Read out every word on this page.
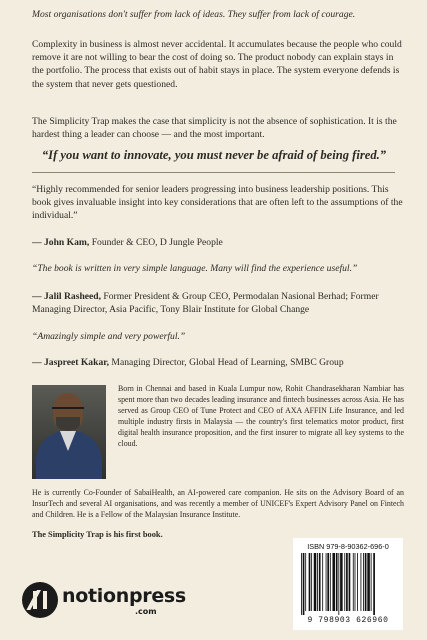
Most organisations don't suffer from lack of ideas. They suffer from lack of courage.
Complexity in business is almost never accidental. It accumulates because the people who could remove it are not willing to bear the cost of doing so. The product nobody can explain stays in the portfolio. The process that exists out of habit stays in place. The system everyone defends is the system that never gets questioned.
The Simplicity Trap makes the case that simplicity is not the absence of sophistication. It is the hardest thing a leader can choose — and the most important.
“If you want to innovate, you must never be afraid of being fired.”
“Highly recommended for senior leaders progressing into business leadership positions. This book gives invaluable insight into key considerations that are often left to the assumptions of the individual.”
— John Kam, Founder & CEO, D Jungle People
“The book is written in very simple language. Many will find the experience useful.”
— Jalil Rasheed, Former President & Group CEO, Permodalan Nasional Berhad; Former Managing Director, Asia Pacific, Tony Blair Institute for Global Change
“Amazingly simple and very powerful.”
— Jaspreet Kakar, Managing Director, Global Head of Learning, SMBC Group
Born in Chennai and based in Kuala Lumpur now, Rohit Chandrasekharan Nambiar has spent more than two decades leading insurance and fintech businesses across Asia. He has served as Group CEO of Tune Protect and CEO of AXA AFFIN Life Insurance, and led multiple industry firsts in Malaysia — the country's first telematics motor product, first digital health insurance proposition, and the first insurer to migrate all key systems to the cloud.
He is currently Co-Founder of SabaiHealth, an AI-powered care companion. He sits on the Advisory Board of an InsurTech and several AI organisations, and was recently a member of UNICEF's Expert Advisory Panel on Fintech and Children. He is a Fellow of the Malaysian Insurance Institute.
The Simplicity Trap is his first book.
notionpress
.com
ISBN 979-8-90362-696-0
9 798903 626960
